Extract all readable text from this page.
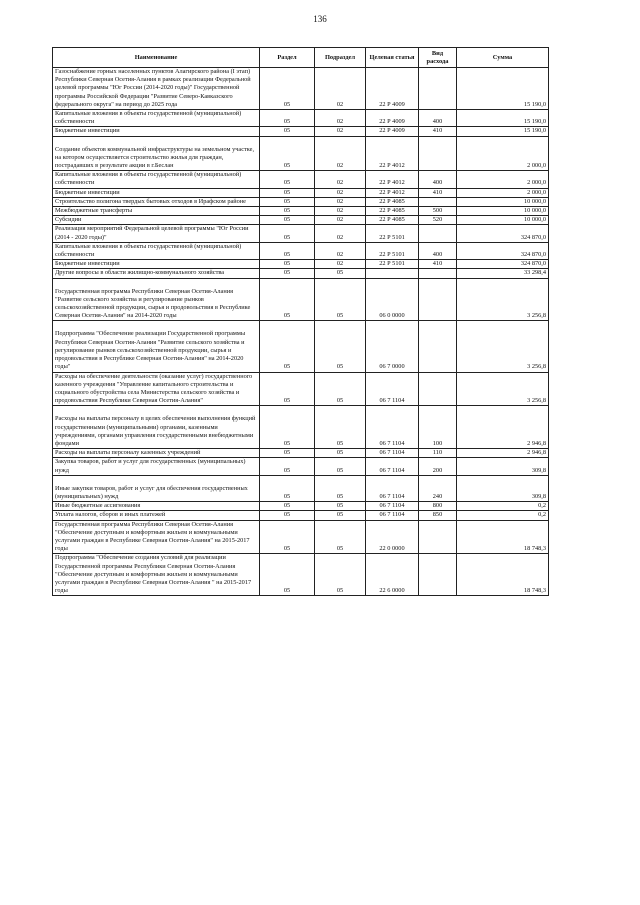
136
Наименование	Раздел	Подраздел	Целевая статья	Вид расхода	Сумма
Газоснабжение горных населенных пунктов Алагирского района (I этап) Республики Северная Осетия-Алания в рамках реализации Федеральной целевой программы "Юг России (2014-2020 годы)" Государственной программы Российской Федерации "Развитие Северо-Кавказского федерального округа" на период до 2025 года	05	02	22 Р 4009		15 190,0
Капитальные вложения в объекты государственной (муниципальной) собственности	05	02	22 Р 4009	400	15 190,0
Бюджетные инвестиции	05	02	22 Р 4009	410	15 190,0
Создание объектов коммунальной инфраструктуры на земельном участке, на котором осуществляется строительство жилья для граждан, пострадавших в результате акции в г.Беслан	05	02	22 Р 4012		2 000,0
Капитальные вложения в объекты государственной (муниципальной) собственности	05	02	22 Р 4012	400	2 000,0
Бюджетные инвестиции	05	02	22 Р 4012	410	2 000,0
Строительство полигона твердых бытовых отходов в Ирафском районе	05	02	22 Р 4085		10 000,0
Межбюджетные трансферты	05	02	22 Р 4085	500	10 000,0
Субсидии	05	02	22 Р 4085	520	10 000,0
Реализация мероприятий Федеральной целевой программы "Юг России (2014 - 2020 годы)"	05	02	22 Р 5101		324 870,0
Капитальные вложения в объекты государственной (муниципальной) собственности	05	02	22 Р 5101	400	324 870,0
Бюджетные инвестиции	05	02	22 Р 5101	410	324 870,0
Другие вопросы в области жилищно-коммунального хозяйства	05	05			33 298,4
Государственная программа Республики Северная Осетия-Алания "Развитие сельского хозяйства и регулирование рынков сельскохозяйственной продукции, сырья и продовольствия в Республике Северная Осетия-Алания" на 2014-2020 годы	05	05	06 0 0000		3 256,8
Подпрограмма "Обеспечение реализации Государственной программы Республики Северная Осетия-Алания "Развитие сельского хозяйства и регулирование рынков сельскохозяйственной продукции, сырья и продовольствия в Республике Северная Осетия-Алания" на 2014-2020 годы"	05	05	06 7 0000		3 256,8
Расходы на обеспечение деятельности (оказание услуг) государственного казенного учреждения "Управление капитального строительства и социального обустройства села Министерства сельского хозяйства и продовольствия Республики Северная Осетия-Алания"	05	05	06 7 1104		3 256,8
Расходы на выплаты персоналу в целях обеспечения выполнения функций государственными (муниципальными) органами, казенными учреждениями, органами управления государственными внебюджетными фондами	05	05	06 7 1104	100	2 946,8
Расходы на выплаты персоналу казенных учреждений	05	05	06 7 1104	110	2 946,8
Закупка товаров, работ и услуг для государственных (муниципальных) нужд	05	05	06 7 1104	200	309,8
Иные закупки товаров, работ и услуг для обеспечения государственных (муниципальных) нужд	05	05	06 7 1104	240	309,8
Иные бюджетные ассигнования	05	05	06 7 1104	800	0,2
Уплата налогов, сборов и иных платежей	05	05	06 7 1104	850	0,2
Государственная программа Республики Северная Осетия-Алания "Обеспечение доступным и комфортным жильем и коммунальными услугами граждан в Республике Северная Осетия-Алания" на 2015-2017 годы	05	05	22 0 0000		18 748,3
Подпрограмма "Обеспечение создания условий для реализации Государственной программы Республики Северная Осетия-Алания "Обеспечение доступным и комфортным жильем и коммунальными услугами граждан в Республике Северная Осетия-Алания " на 2015-2017 годы	05	05	22 6 0000		18 748,3
